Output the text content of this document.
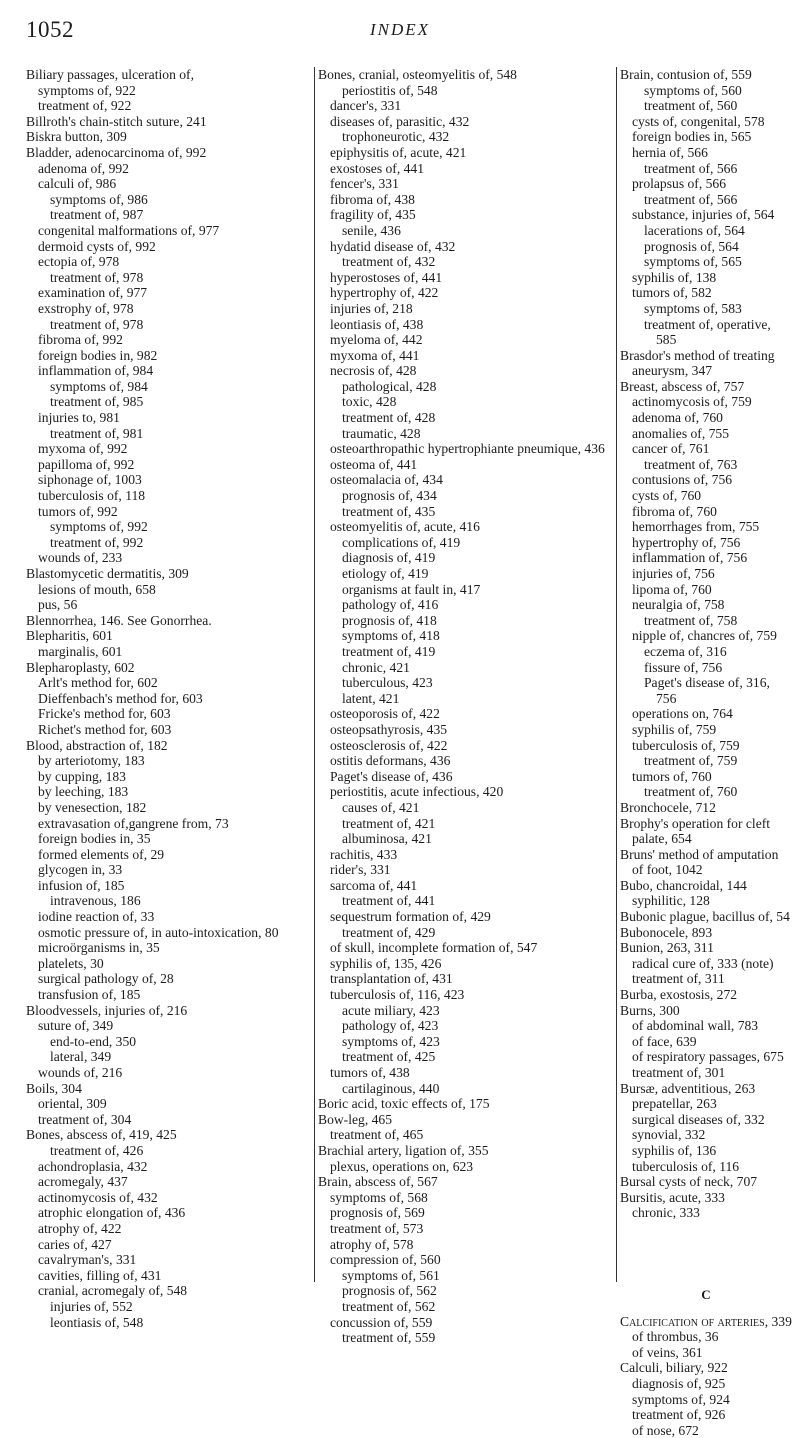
1052	INDEX
Biliary passages, ulceration of,
symptoms of, 922
treatment of, 922
Billroth's chain-stitch suture, 241
Biskra button, 309
Bladder, adenocarcinoma of, 992
adenoma of, 992
calculi of, 986
symptoms of, 986
treatment of, 987
congenital malformations of, 977
dermoid cysts of, 992
ectopia of, 978
treatment of, 978
examination of, 977
exstrophy of, 978
treatment of, 978
fibroma of, 992
foreign bodies in, 982
inflammation of, 984
symptoms of, 984
treatment of, 985
injuries to, 981
treatment of, 981
myxoma of, 992
papilloma of, 992
siphonage of, 1003
tuberculosis of, 118
tumors of, 992
symptoms of, 992
treatment of, 992
wounds of, 233
Blastomycetic dermatitis, 309
lesions of mouth, 658
pus, 56
Blennorrhea, 146. See Gonorrhea.
Blepharitis, 601
marginalis, 601
Blepharoplasty, 602
Arlt's method for, 602
Dieffenbach's method for, 603
Fricke's method for, 603
Richet's method for, 603
Blood, abstraction of, 182
by arteriotomy, 183
by cupping, 183
by leeching, 183
by venesection, 182
extravasation of,gangrene from, 73
foreign bodies in, 35
formed elements of, 29
glycogen in, 33
infusion of, 185
intravenous, 186
iodine reaction of, 33
osmotic pressure of, in auto-intoxication, 80
microörganisms in, 35
platelets, 30
surgical pathology of, 28
transfusion of, 185
Bloodvessels, injuries of, 216
suture of, 349
end-to-end, 350
lateral, 349
wounds of, 216
Boils, 304
oriental, 309
treatment of, 304
Bones, abscess of, 419, 425
treatment of, 426
achondroplasia, 432
acromegaly, 437
actinomycosis of, 432
atrophic elongation of, 436
atrophy of, 422
caries of, 427
cavalryman's, 331
cavities, filling of, 431
cranial, acromegaly of, 548
injuries of, 552
leontiasis of, 548
Bones, cranial, osteomyelitis of, 548
periostitis of, 548
dancer's, 331
diseases of, parasitic, 432
trophoneurotic, 432
epiphysitis of, acute, 421
exostoses of, 441
fencer's, 331
fibroma of, 438
fragility of, 435
senile, 436
hydatid disease of, 432
treatment of, 432
hyperostoses of, 441
hypertrophy of, 422
injuries of, 218
leontiasis of, 438
myeloma of, 442
myxoma of, 441
necrosis of, 428
pathological, 428
toxic, 428
treatment of, 428
traumatic, 428
osteoarthropathic hypertrophiante pneumique, 436
osteoma of, 441
osteomalacia of, 434
prognosis of, 434
treatment of, 435
osteomyelitis of, acute, 416
complications of, 419
diagnosis of, 419
etiology of, 419
organisms at fault in, 417
pathology of, 416
prognosis of, 418
symptoms of, 418
treatment of, 419
chronic, 421
tuberculous, 423
latent, 421
osteoporosis of, 422
osteopsathyrosis, 435
osteosclerosis of, 422
ostitis deformans, 436
Paget's disease of, 436
periostitis, acute infectious, 420
causes of, 421
treatment of, 421
albuminosa, 421
rachitis, 433
rider's, 331
sarcoma of, 441
treatment of, 441
sequestrum formation of, 429
treatment of, 429
of skull, incomplete formation of, 547
syphilis of, 135, 426
transplantation of, 431
tuberculosis of, 116, 423
acute miliary, 423
pathology of, 423
symptoms of, 423
treatment of, 425
tumors of, 438
cartilaginous, 440
Boric acid, toxic effects of, 175
Bow-leg, 465
treatment of, 465
Brachial artery, ligation of, 355
plexus, operations on, 623
Brain, abscess of, 567
symptoms of, 568
prognosis of, 569
treatment of, 573
atrophy of, 578
compression of, 560
symptoms of, 561
prognosis of, 562
treatment of, 562
concussion of, 559
treatment of, 559
Brain, contusion of, 559
symptoms of, 560
treatment of, 560
cysts of, congenital, 578
foreign bodies in, 565
hernia of, 566
treatment of, 566
prolapsus of, 566
treatment of, 566
substance, injuries of, 564
lacerations of, 564
prognosis of, 564
symptoms of, 565
syphilis of, 138
tumors of, 582
symptoms of, 583
treatment of, operative, 585
Brasdor's method of treating aneurysm, 347
Breast, abscess of, 757
actinomycosis of, 759
adenoma of, 760
anomalies of, 755
cancer of, 761
treatment of, 763
contusions of, 756
cysts of, 760
fibroma of, 760
hemorrhages from, 755
hypertrophy of, 756
inflammation of, 756
injuries of, 756
lipoma of, 760
neuralgia of, 758
treatment of, 758
nipple of, chancres of, 759
eczema of, 316
fissure of, 756
Paget's disease of, 316, 756
operations on, 764
syphilis of, 759
tuberculosis of, 759
treatment of, 759
tumors of, 760
treatment of, 760
Bronchocele, 712
Brophy's operation for cleft palate, 654
Bruns' method of amputation of foot, 1042
Bubo, chancroidal, 144
syphilitic, 128
Bubonic plague, bacillus of, 54
Bubonocele, 893
Bunion, 263, 311
radical cure of, 333 (note)
treatment of, 311
Burba, exostosis, 272
Burns, 300
of abdominal wall, 783
of face, 639
of respiratory passages, 675
treatment of, 301
Bursæ, adventitious, 263
prepatellar, 263
surgical diseases of, 332
synovial, 332
syphilis of, 136
tuberculosis of, 116
Bursal cysts of neck, 707
Bursitis, acute, 333
chronic, 333
C
Calcification of arteries, 339
of thrombus, 36
of veins, 361
Calculi, biliary, 922
diagnosis of, 925
symptoms of, 924
treatment of, 926
of nose, 672
